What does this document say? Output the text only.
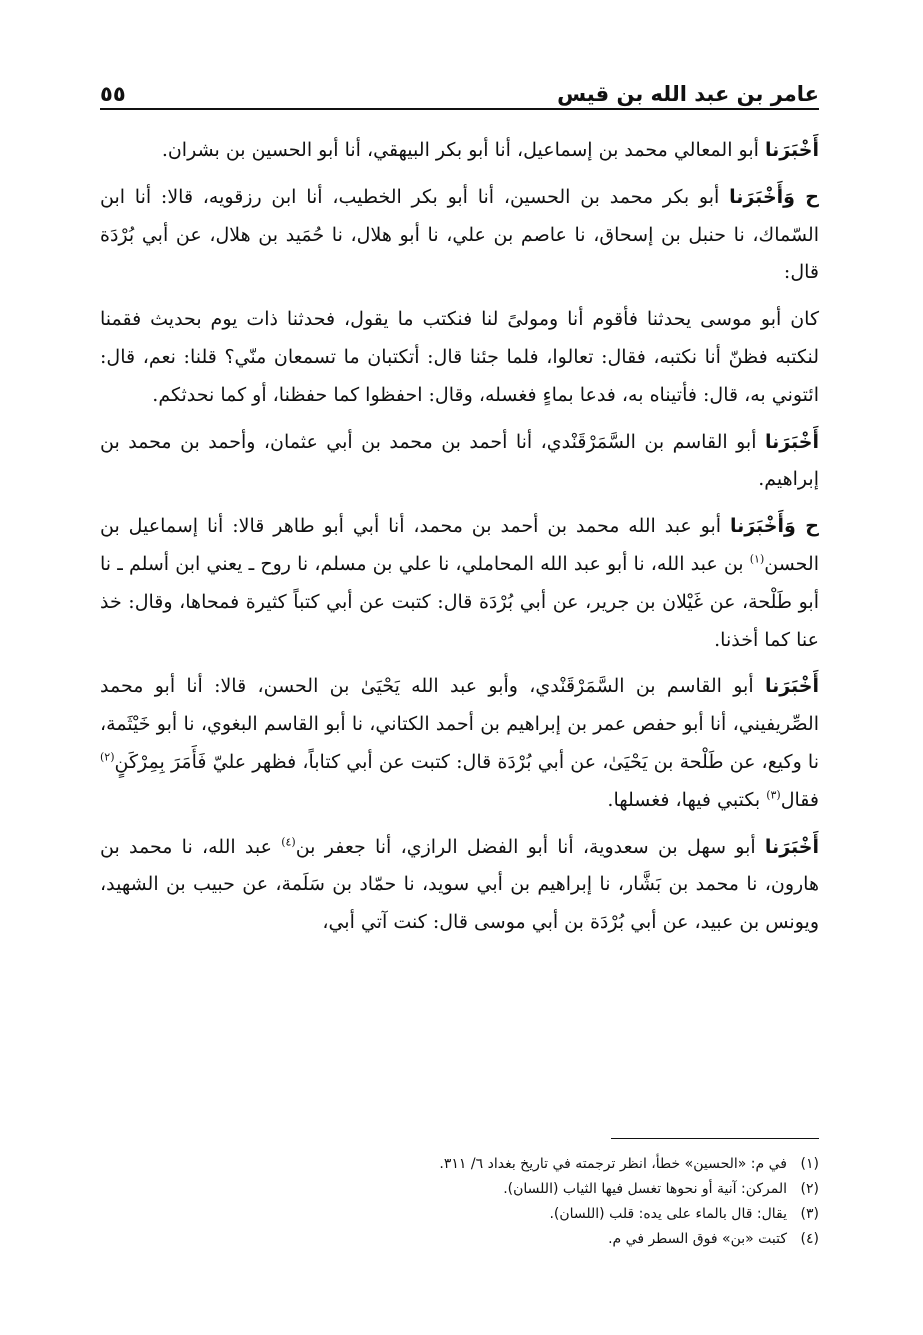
عامر بن عبد الله بن قيس
٥٥

أَخْبَرَنا أبو المعالي محمد بن إسماعيل، أنا أبو بكر البيهقي، أنا أبو الحسين بن بشران.

ح وَأَخْبَرَنا أبو بكر محمد بن الحسين، أنا أبو بكر الخطيب، أنا ابن رزقويه، قالا: أنا ابن السّماك، نا حنبل بن إسحاق، نا عاصم بن علي، نا أبو هلال، نا حُمَيد بن هلال، عن أبي بُرْدَة قال:

كان أبو موسى يحدثنا فأقوم أنا ومولىً لنا فنكتب ما يقول، فحدثنا ذات يوم بحديث فقمنا لنكتبه فظنّ أنا نكتبه، فقال: تعالوا، فلما جئنا قال: أتكتبان ما تسمعان منّي؟ قلنا: نعم، قال: ائتوني به، قال: فأتيناه به، فدعا بماءٍ فغسله، وقال: احفظوا كما حفظنا، أو كما نحدثكم.

أَخْبَرَنا أبو القاسم بن السَّمَرْقَنْدي، أنا أحمد بن محمد بن أبي عثمان، وأحمد بن محمد بن إبراهيم.

ح وَأَخْبَرَنا أبو عبد الله محمد بن أحمد بن محمد، أنا أبي أبو طاهر قالا: أنا إسماعيل بن الحسن$^{(١)}$ بن عبد الله، نا أبو عبد الله المحاملي، نا علي بن مسلم، نا روح ـ يعني ابن أسلم ـ نا أبو طَلْحة، عن غَيْلان بن جرير، عن أبي بُرْدَة قال: كتبت عن أبي كتباً كثيرة فمحاها، وقال: خذ عنا كما أخذنا.

أَخْبَرَنا أبو القاسم بن السَّمَرْقَنْدي، وأبو عبد الله يَحْيَىٰ بن الحسن، قالا: أنا أبو محمد الصِّريفيني، أنا أبو حفص عمر بن إبراهيم بن أحمد الكتاني، نا أبو القاسم البغوي، نا أبو خَيْثَمة، نا وكيع، عن طَلْحة بن يَحْيَىٰ، عن أبي بُرْدَة قال: كتبت عن أبي كتاباً، فظهر عليّ فَأَمَرَ بِمِرْكَنٍ$^{(٢)}$ فقال$^{(٣)}$ بكتبي فيها، فغسلها.

أَخْبَرَنا أبو سهل بن سعدوية، أنا أبو الفضل الرازي، أنا جعفر بن$^{(٤)}$ عبد الله، نا محمد بن هارون، نا محمد بن بَشَّار، نا إبراهيم بن أبي سويد، نا حمّاد بن سَلَمة، عن حبيب بن الشهيد، ويونس بن عبيد، عن أبي بُرْدَة بن أبي موسى قال: كنت آتي أبي،

(١)
في م: «الحسين» خطأ، انظر ترجمته في تاريخ بغداد ٦/ ٣١١.
(٢)
المركن: آنية أو نحوها تغسل فيها الثياب (اللسان).
(٣)
يقال: قال بالماء على يده: قلب (اللسان).
(٤)
كتبت «بن» فوق السطر في م.
